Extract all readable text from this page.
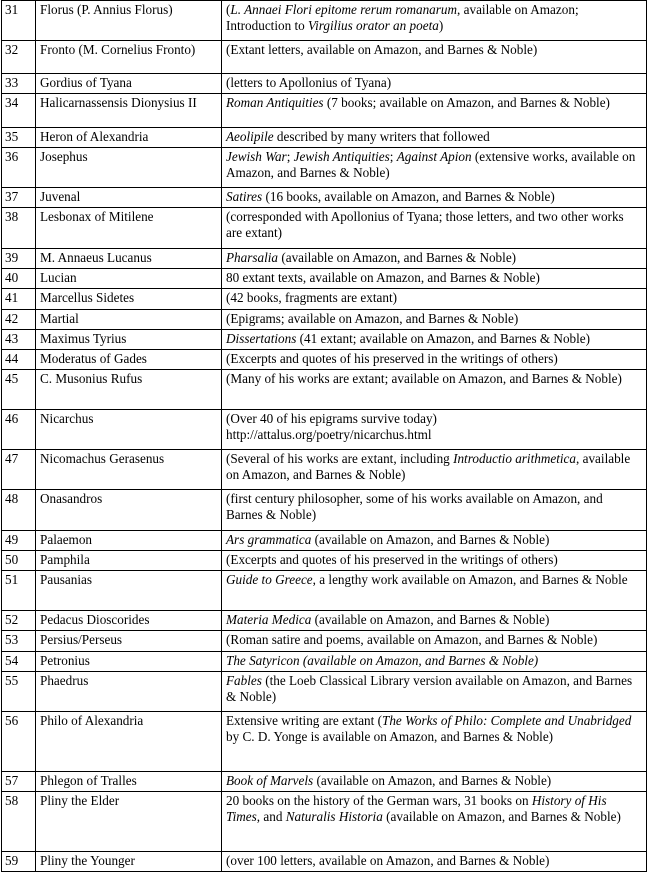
31	Florus (P. Annius Florus)	(L. Annaei Flori epitome rerum romanarum, available on Amazon; Introduction to Virgilius orator an poeta)
32	Fronto (M. Cornelius Fronto)	(Extant letters, available on Amazon, and Barnes & Noble)
33	Gordius of Tyana	(letters to Apollonius of Tyana)
34	Halicarnassensis Dionysius II	Roman Antiquities (7 books; available on Amazon, and Barnes & Noble)
35	Heron of Alexandria	Aeolipile described by many writers that followed
36	Josephus	Jewish War; Jewish Antiquities; Against Apion (extensive works, available on Amazon, and Barnes & Noble)
37	Juvenal	Satires (16 books, available on Amazon, and Barnes & Noble)
38	Lesbonax of Mitilene	(corresponded with Apollonius of Tyana; those letters, and two other works are extant)
39	M. Annaeus Lucanus	Pharsalia (available on Amazon, and Barnes & Noble)
40	Lucian	80 extant texts, available on Amazon, and Barnes & Noble)
41	Marcellus Sidetes	(42 books, fragments are extant)
42	Martial	(Epigrams; available on Amazon, and Barnes & Noble)
43	Maximus Tyrius	Dissertations (41 extant; available on Amazon, and Barnes & Noble)
44	Moderatus of Gades	(Excerpts and quotes of his preserved in the writings of others)
45	C. Musonius Rufus	(Many of his works are extant; available on Amazon, and Barnes & Noble)
46	Nicarchus	(Over 40 of his epigrams survive today) http://attalus.org/poetry/nicarchus.html
47	Nicomachus Gerasenus	(Several of his works are extant, including Introductio arithmetica, available on Amazon, and Barnes & Noble)
48	Onasandros	(first century philosopher, some of his works available on Amazon, and Barnes & Noble)
49	Palaemon	Ars grammatica (available on Amazon, and Barnes & Noble)
50	Pamphila	(Excerpts and quotes of his preserved in the writings of others)
51	Pausanias	Guide to Greece, a lengthy work available on Amazon, and Barnes & Noble
52	Pedacus Dioscorides	Materia Medica (available on Amazon, and Barnes & Noble)
53	Persius/Perseus	(Roman satire and poems, available on Amazon, and Barnes & Noble)
54	Petronius	The Satyricon (available on Amazon, and Barnes & Noble)
55	Phaedrus	Fables (the Loeb Classical Library version available on Amazon, and Barnes & Noble)
56	Philo of Alexandria	Extensive writing are extant (The Works of Philo: Complete and Unabridged by C. D. Yonge is available on Amazon, and Barnes & Noble)
57	Phlegon of Tralles	Book of Marvels (available on Amazon, and Barnes & Noble)
58	Pliny the Elder	20 books on the history of the German wars, 31 books on History of His Times, and Naturalis Historia (available on Amazon, and Barnes & Noble)
59	Pliny the Younger	(over 100 letters, available on Amazon, and Barnes & Noble)
